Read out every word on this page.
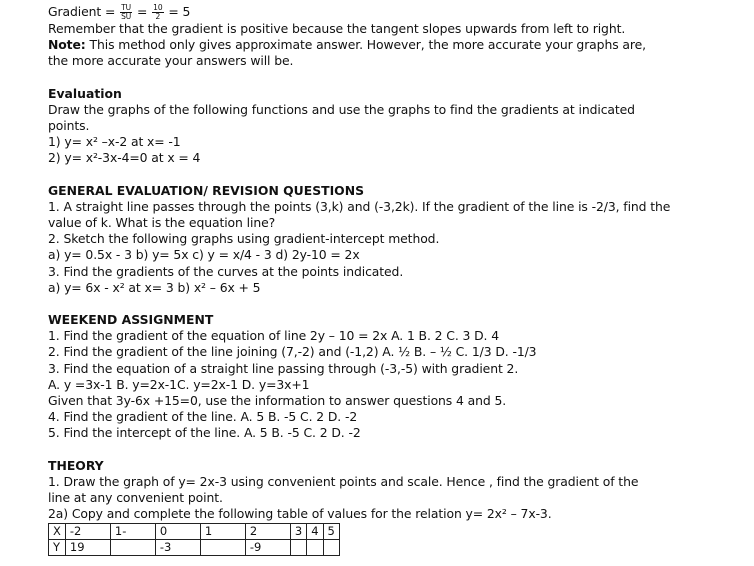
Gradient = $\frac{TU}{SU} = \frac{10}{2} = 5$
Remember that the gradient is positive because the tangent slopes upwards from left to right.
Note: This method only gives approximate answer. However, the more accurate your graphs are,
the more accurate your answers will be.
Evaluation
Draw the graphs of the following functions and use the graphs to find the gradients at indicated
points.
1) y= x² –x-2 at x= -1
2) y= x²-3x-4=0 at x = 4
GENERAL EVALUATION/ REVISION QUESTIONS
1. A straight line passes through the points (3,k) and (-3,2k). If the gradient of the line is -2/3, find the
value of k. What is the equation line?
2. Sketch the following graphs using gradient-intercept method.
a) y= 0.5x - 3 b) y= 5x c) y = x/4 - 3 d) 2y-10 = 2x
3. Find the gradients of the curves at the points indicated.
a) y= 6x - x² at x= 3 b) x² – 6x + 5
WEEKEND ASSIGNMENT
1. Find the gradient of the equation of line 2y – 10 = 2x A. 1 B. 2 C. 3 D. 4
2. Find the gradient of the line joining (7,-2) and (-1,2) A. ½ B. – ½ C. 1/3 D. -1/3
3. Find the equation of a straight line passing through (-3,-5) with gradient 2.
A. y =3x-1 B. y=2x-1C. y=2x-1 D. y=3x+1
Given that 3y-6x +15=0, use the information to answer questions 4 and 5.
4. Find the gradient of the line. A. 5 B. -5 C. 2 D. -2
5. Find the intercept of the line. A. 5 B. -5 C. 2 D. -2
THEORY
1. Draw the graph of y= 2x-3 using convenient points and scale. Hence , find the gradient of the
line at any convenient point.
2a) Copy and complete the following table of values for the relation y= 2x² – 7x-3.
X	-2	1-	0	1	2	3	4	5
Y	19		-3		-9			
